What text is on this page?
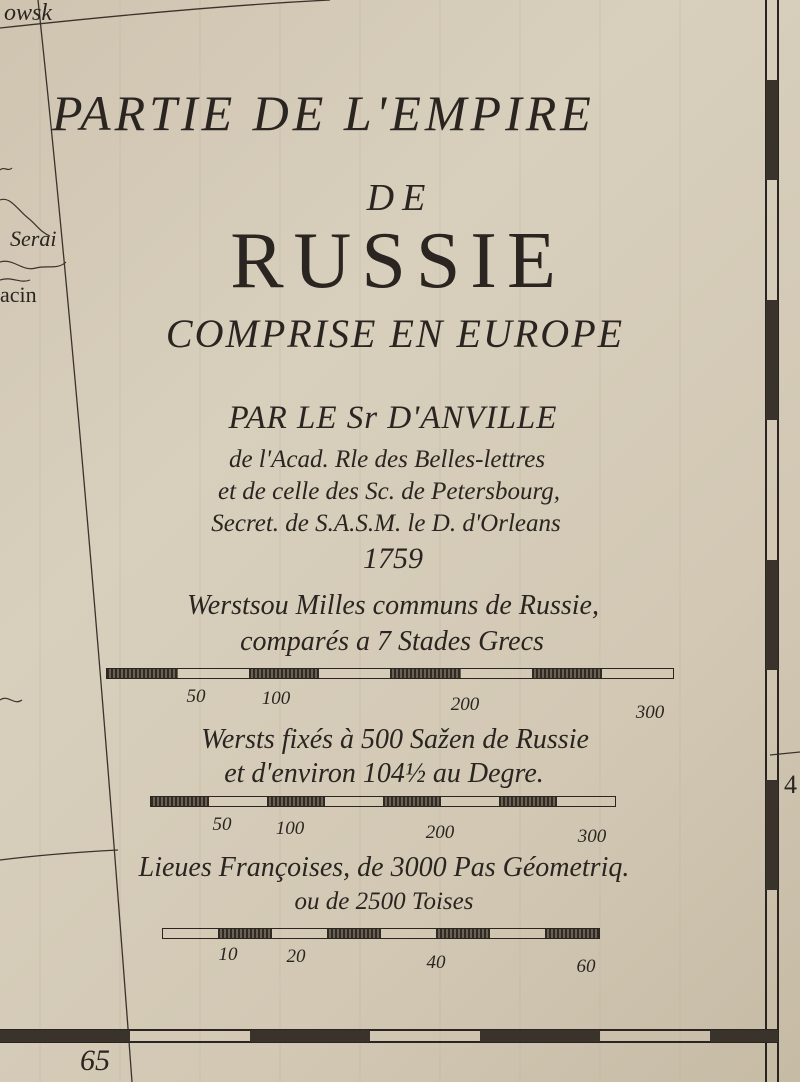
PARTIE DE L'EMPIRE
DE
RUSSIE
COMPRISE EN EUROPE
PAR LE Sr D'ANVILLE
de l'Acad. Rle des Belles-lettres
et de celle des Sc. de Petersbourg,
Secret. de S.A.S.M. le D. d'Orleans
1759
Werstsou Milles communs de Russie,
comparés a 7 Stades Grecs
50	100	200	300
Wersts fixés à 500 Sažen de Russie
et d'environ 104½ au Degre.
50 100	200	300
Lieues Françoises, de 3000 Pas Géometriq.
ou de 2500 Toises
10	20	40	60
owsk
Serai
acin
65
4
